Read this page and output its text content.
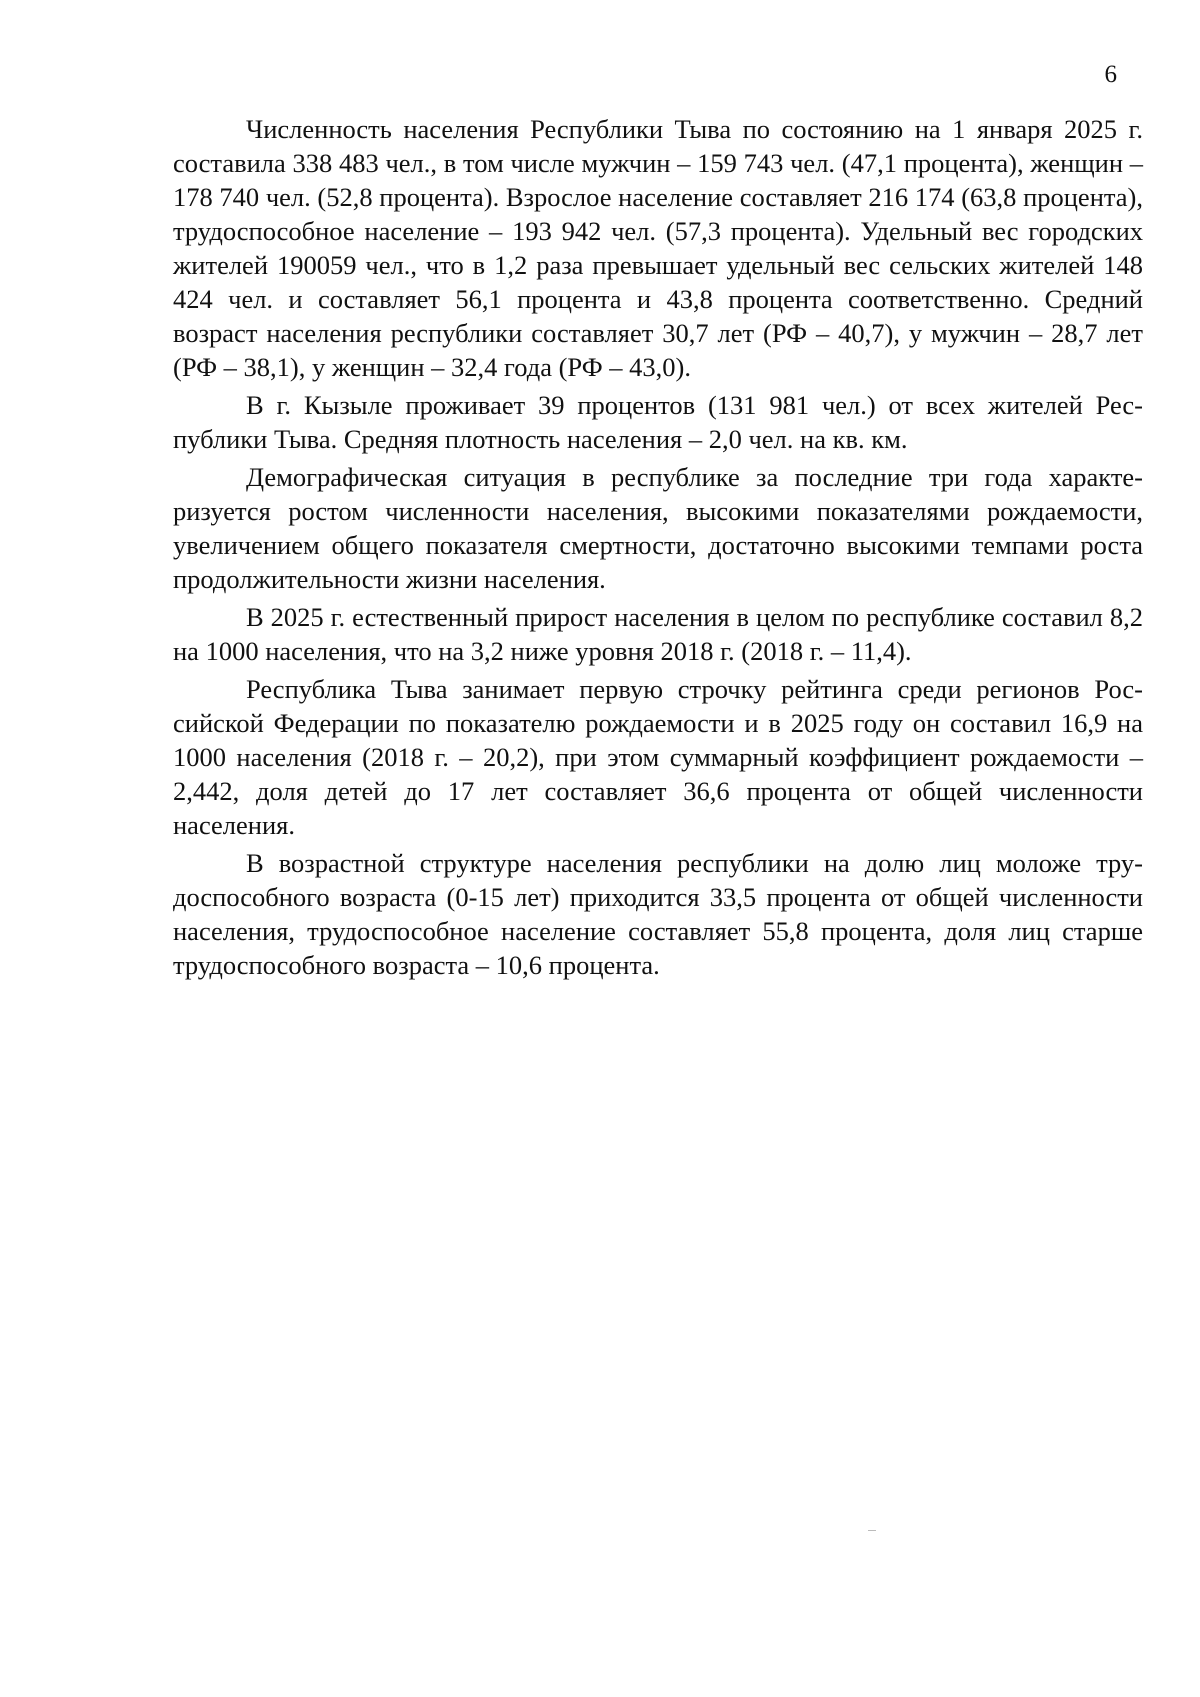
6

Численность населения Республики Тыва по состоянию на 1 января 2025 г. составила 338 483 чел., в том числе мужчин – 159 743 чел. (47,1 процента), женщин – 178 740 чел. (52,8 процента). Взрослое население составляет 216 174 (63,8 процента), трудоспособное население – 193 942 чел. (57,3 процента). Удельный вес городских жителей 190059 чел., что в 1,2 раза превышает удельный вес сельских жителей 148 424 чел. и составляет 56,1 процента и 43,8 процента соответственно. Средний возраст населения республики составляет 30,7 лет (РФ – 40,7), у мужчин – 28,7 лет (РФ – 38,1), у женщин – 32,4 года (РФ – 43,0).

В г. Кызыле проживает 39 процентов (131 981 чел.) от всех жителей Республики Тыва. Средняя плотность населения – 2,0 чел. на кв. км.

Демографическая ситуация в республике за последние три года характеризуется ростом численности населения, высокими показателями рождаемости, увеличением общего показателя смертности, достаточно высокими темпами роста продолжительности жизни населения.

В 2025 г. естественный прирост населения в целом по республике составил 8,2 на 1000 населения, что на 3,2 ниже уровня 2018 г. (2018 г. – 11,4).

Республика Тыва занимает первую строчку рейтинга среди регионов Российской Федерации по показателю рождаемости и в 2025 году он составил 16,9 на 1000 населения (2018 г. – 20,2), при этом суммарный коэффициент рождаемости – 2,442, доля детей до 17 лет составляет 36,6 процента от общей численности населения.

В возрастной структуре населения республики на долю лиц моложе трудоспособного возраста (0-15 лет) приходится 33,5 процента от общей численности населения, трудоспособное население составляет 55,8 процента, доля лиц старше трудоспособного возраста – 10,6 процента.
